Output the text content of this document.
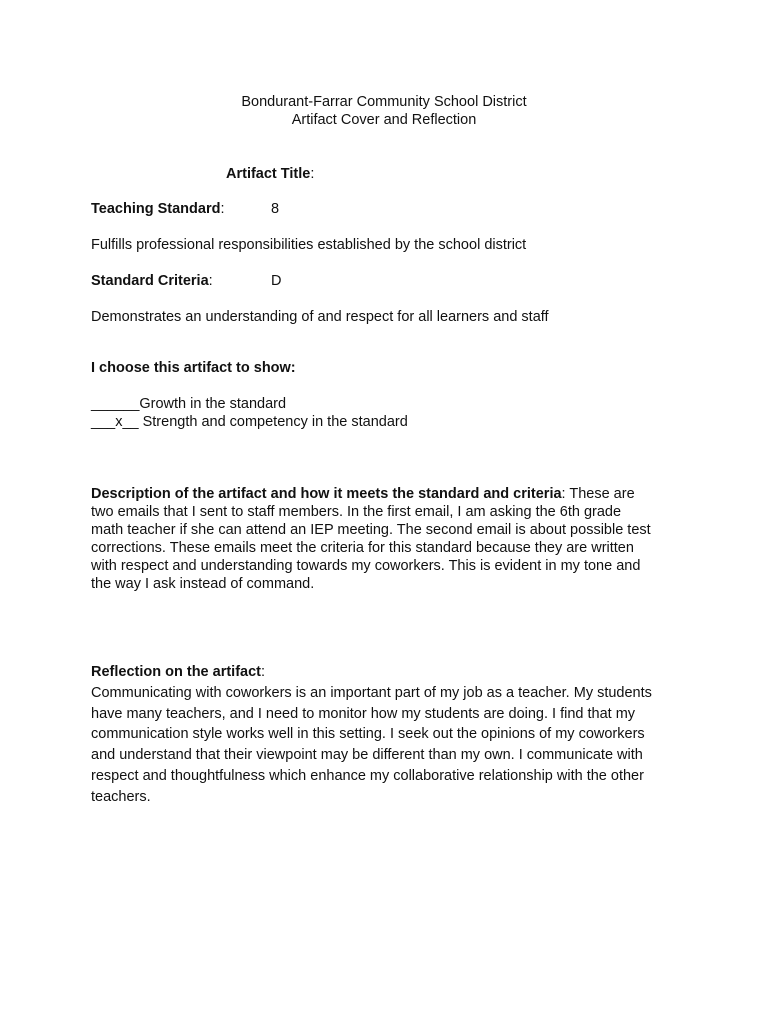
Bondurant-Farrar Community School District
Artifact Cover and Reflection
Artifact Title:
Teaching Standard:	8
Fulfills professional responsibilities established by the school district
Standard Criteria:	D
Demonstrates an understanding of and respect for all learners and staff
I choose this artifact to show:
______Growth in the standard
___x__ Strength and competency in the standard
Description of the artifact and how it meets the standard and criteria: These are
two emails that I sent to staff members. In the first email, I am asking the 6th grade
math teacher if she can attend an IEP meeting. The second email is about possible test
corrections. These emails meet the criteria for this standard because they are written
with respect and understanding towards my coworkers. This is evident in my tone and
the way I ask instead of command.
Reflection on the artifact:
Communicating with coworkers is an important part of my job as a teacher. My students
have many teachers, and I need to monitor how my students are doing. I find that my
communication style works well in this setting. I seek out the opinions of my coworkers
and understand that their viewpoint may be different than my own. I communicate with
respect and thoughtfulness which enhance my collaborative relationship with the other
teachers.
